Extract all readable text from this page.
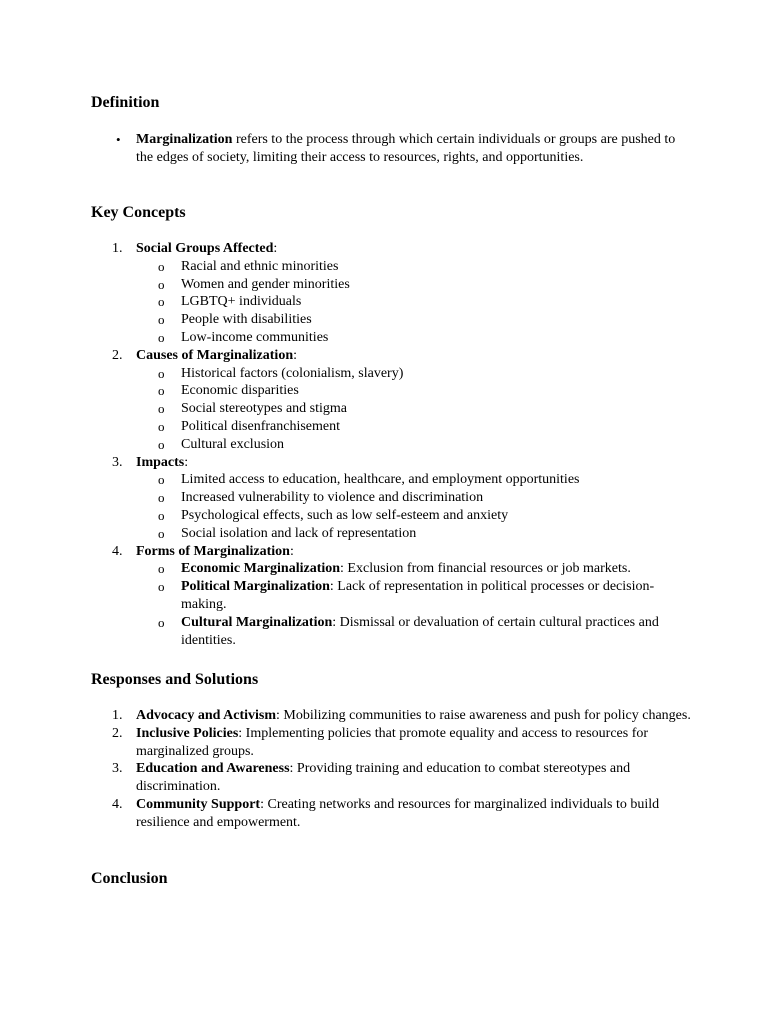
Definition
• Marginalization refers to the process through which certain individuals or groups are pushed to the edges of society, limiting their access to resources, rights, and opportunities.
Key Concepts
1. Social Groups Affected:
o Racial and ethnic minorities
o Women and gender minorities
o LGBTQ+ individuals
o People with disabilities
o Low-income communities
2. Causes of Marginalization:
o Historical factors (colonialism, slavery)
o Economic disparities
o Social stereotypes and stigma
o Political disenfranchisement
o Cultural exclusion
3. Impacts:
o Limited access to education, healthcare, and employment opportunities
o Increased vulnerability to violence and discrimination
o Psychological effects, such as low self-esteem and anxiety
o Social isolation and lack of representation
4. Forms of Marginalization:
o Economic Marginalization: Exclusion from financial resources or job markets.
o Political Marginalization: Lack of representation in political processes or decision-making.
o Cultural Marginalization: Dismissal or devaluation of certain cultural practices and identities.
Responses and Solutions
1. Advocacy and Activism: Mobilizing communities to raise awareness and push for policy changes.
2. Inclusive Policies: Implementing policies that promote equality and access to resources for marginalized groups.
3. Education and Awareness: Providing training and education to combat stereotypes and discrimination.
4. Community Support: Creating networks and resources for marginalized individuals to build resilience and empowerment.
Conclusion
